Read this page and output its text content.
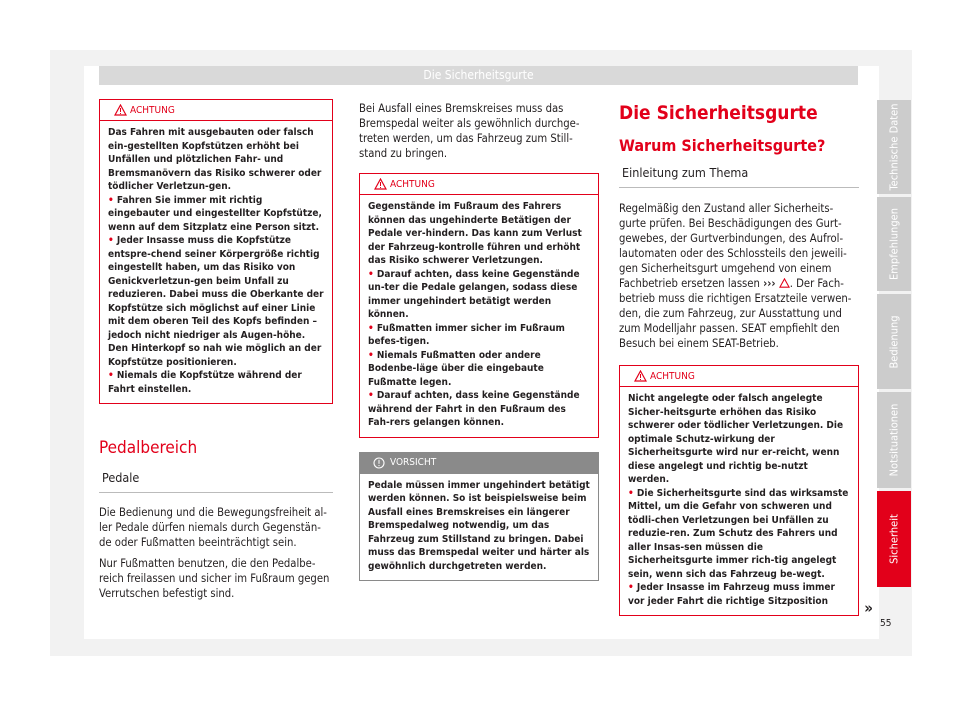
Die Sicherheitsgurte
ACHTUNG
Das Fahren mit ausgebauten oder falsch ein-gestellten Kopfstützen erhöht bei Unfällen und plötzlichen Fahr- und Bremsmanövern das Risiko schwerer oder tödlicher Verletzun-gen.
• Fahren Sie immer mit richtig eingebauter und eingestellter Kopfstütze, wenn auf dem Sitzplatz eine Person sitzt.
• Jeder Insasse muss die Kopfstütze entspre-chend seiner Körpergröße richtig eingestellt haben, um das Risiko von Genickverletzun-gen beim Unfall zu reduzieren. Dabei muss die Oberkante der Kopfstütze sich möglichst auf einer Linie mit dem oberen Teil des Kopfs befinden – jedoch nicht niedriger als Augen-höhe. Den Hinterkopf so nah wie möglich an der Kopfstütze positionieren.
• Niemals die Kopfstütze während der Fahrt einstellen.
Pedalbereich
Pedale

Die Bedienung und die Bewegungsfreiheit al-ler Pedale dürfen niemals durch Gegenstän-de oder Fußmatten beeinträchtigt sein.

Nur Fußmatten benutzen, die den Pedalbe-reich freilassen und sicher im Fußraum gegen Verrutschen befestigt sind.

Bei Ausfall eines Bremskreises muss das Bremspedal weiter als gewöhnlich durchge-treten werden, um das Fahrzeug zum Still-stand zu bringen.

ACHTUNG
Gegenstände im Fußraum des Fahrers können das ungehinderte Betätigen der Pedale ver-hindern. Das kann zum Verlust der Fahrzeug-kontrolle führen und erhöht das Risiko schwerer Verletzungen.
• Darauf achten, dass keine Gegenstände un-ter die Pedale gelangen, sodass diese immer ungehindert betätigt werden können.
• Fußmatten immer sicher im Fußraum befes-tigen.
• Niemals Fußmatten oder andere Bodenbe-läge über die eingebaute Fußmatte legen.
• Darauf achten, dass keine Gegenstände während der Fahrt in den Fußraum des Fah-rers gelangen können.
VORSICHT
Pedale müssen immer ungehindert betätigt werden können. So ist beispielsweise beim Ausfall eines Bremskreises ein längerer Bremspedalweg notwendig, um das Fahrzeug zum Stillstand zu bringen. Dabei muss das Bremspedal weiter und härter als gewöhnlich durchgetreten werden.
Die Sicherheitsgurte
Warum Sicherheitsgurte?
Einleitung zum Thema

Regelmäßig den Zustand aller Sicherheits-gurte prüfen. Bei Beschädigungen des Gurt-gewebes, der Gurtverbindungen, des Aufrol-lautomaten oder des Schlossteils den jeweili-gen Sicherheitsgurt umgehend von einem Fachbetrieb ersetzen lassen ››› . Der Fach-betrieb muss die richtigen Ersatzteile verwen-den, die zum Fahrzeug, zur Ausstattung und zum Modelljahr passen. SEAT empfiehlt den Besuch bei einem SEAT-Betrieb.

ACHTUNG
Nicht angelegte oder falsch angelegte Sicher-heitsgurte erhöhen das Risiko schwerer oder tödlicher Verletzungen. Die optimale Schutz-wirkung der Sicherheitsgurte wird nur er-reicht, wenn diese angelegt und richtig be-nutzt werden.
• Die Sicherheitsgurte sind das wirksamste Mittel, um die Gefahr von schweren und tödli-chen Verletzungen bei Unfällen zu reduzie-ren. Zum Schutz des Fahrers und aller Insas-sen müssen die Sicherheitsgurte immer rich-tig angelegt sein, wenn sich das Fahrzeug be-wegt.
• Jeder Insasse im Fahrzeug muss immer vor jeder Fahrt die richtige Sitzposition	»
Technische Daten
Empfehlungen
Bedienung
Notsituationen
Sicherheit
55
